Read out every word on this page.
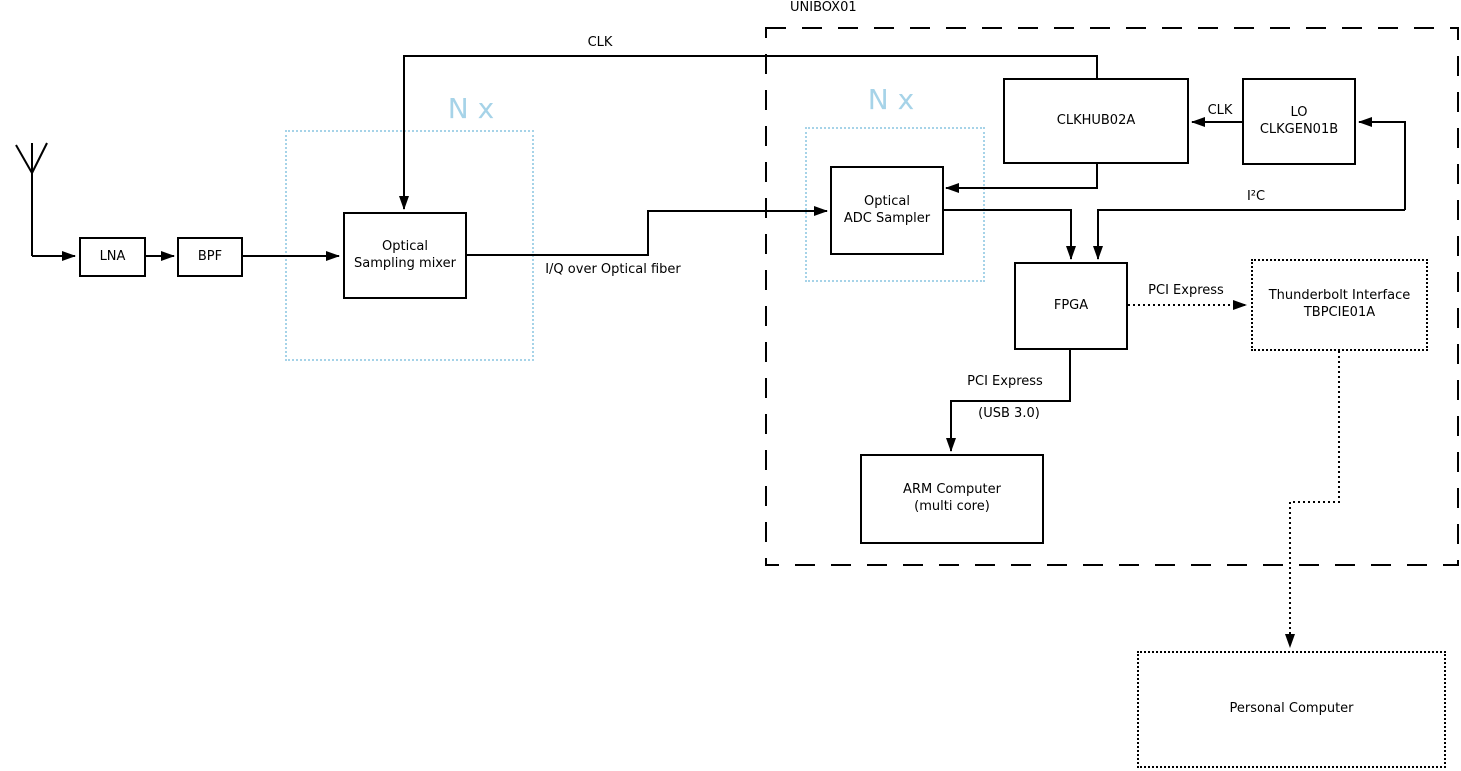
LNA	BPF
Optical
Sampling mixer
Optical
ADC Sampler
CLKHUB02A
LO
CLKGEN01B
FPGA
Thunderbolt Interface
TBPCIE01A
ARM Computer
(multi core)
Personal Computer
UNIBOX01
N x	N x
CLK
CLK
I²C
I/Q over Optical fiber
PCI Express
PCI Express
(USB 3.0)
